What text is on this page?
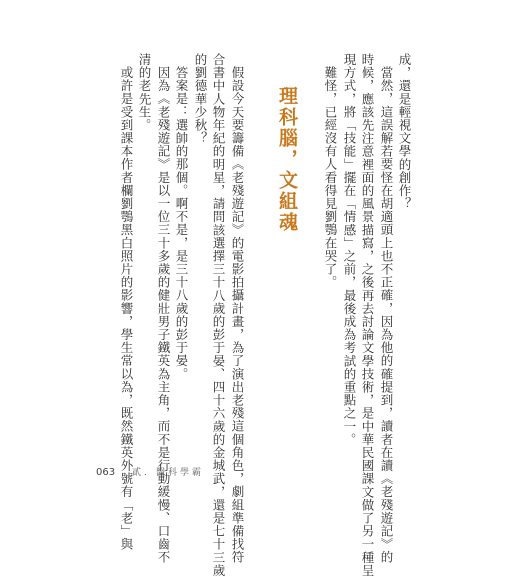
成，還是輕視文學的創作？
當然，這誤解若要怪在胡適頭上也不正確，因為他的確提到，讀者在讀《老殘遊記》的
時候，應該先注意裡面的風景描寫，之後再去討論文學技術，是中華民國課文做了另一種呈
現方式，將「技能」擺在「情感」之前，最後成為考試的重點之一。
難怪，已經沒有人看得見劉鶚在哭了。
理科腦，文組魂
假設今天要籌備《老殘遊記》的電影拍攝計畫，為了演出老殘這個角色，劇組準備找符
合書中人物年紀的明星，請問該選擇三十八歲的彭于晏、四十六歲的金城武，還是七十三歲
的劉德華少秋？
答案是：選帥的那個。啊不是，是三十八歲的彭于晏。
因為《老殘遊記》是以一位三十多歲的健壯男子鐵英為主角，而不是行動緩慢、口齒不
清的老先生。
或許是受到課本作者欄劉鶚黑白照片的影響，學生常以為，既然鐵英外號有「老」與
063 貳．醫科學霸
